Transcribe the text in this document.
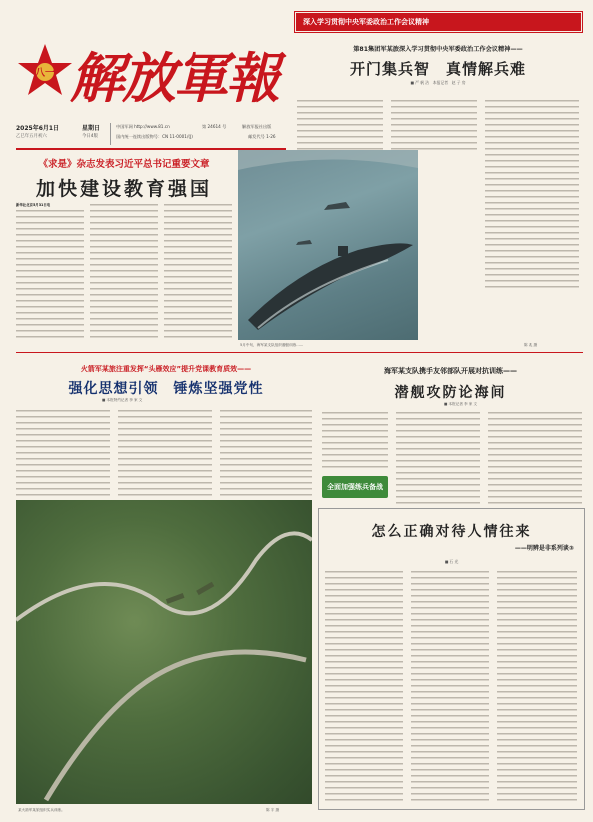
八一 解放軍報
2025年6月1日	星期日
乙巳年五月初六	今日4版
中国军网 http://www.81.cn	第 24614 号
国内统一连续出版物号：CN 11-0001/(J)
解放军报社出版
邮发代号 1-26
深入学习贯彻中央军委政治工作会议精神
第81集团军某旅深入学习贯彻中央军委政治工作会议精神——
开门集兵智　真情解兵难
■ 严 帆 洁　本报记者　赵 子 房
5月中旬，海军某支队组织潜艇训练……	陈 兆 摄
《求是》杂志发表习近平总书记重要文章
加快建设教育强国
新华社北京5月31日电
火箭军某旅注重发挥“头雁效应”提升党课教育质效——
强化思想引领　锤炼坚强党性
■ 本报特约记者 李 家 文
海军某支队携手友邻部队开展对抗训练——
潜舰攻防论海间
■ 本报记者 李 家 文
全面加强练兵备战
某火箭军某旅组织实兵训练。	陈 宇 摄
怎么正确对待人情往来
——明辨是非系列谈③
■ 石 光
